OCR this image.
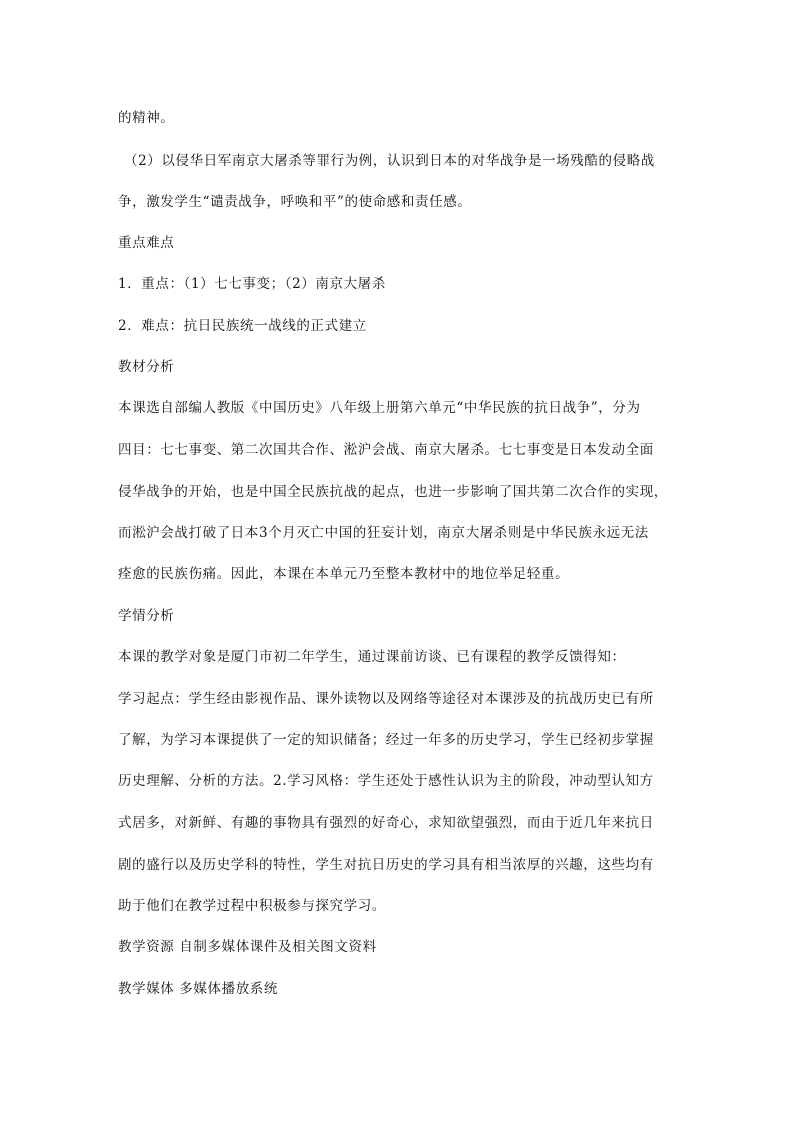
的精神。
（2）以侵华日军南京大屠杀等罪行为例，认识到日本的对华战争是一场残酷的侵略战
争，激发学生“谴责战争，呼唤和平”的使命感和责任感。
重点难点
1．重点：（1）七七事变；（2）南京大屠杀
2．难点：抗日民族统一战线的正式建立
教材分析
本课选自部编人教版《中国历史》八年级上册第六单元“中华民族的抗日战争”，分为
四目：七七事变、第二次国共合作、淞沪会战、南京大屠杀。七七事变是日本发动全面
侵华战争的开始，也是中国全民族抗战的起点，也进一步影响了国共第二次合作的实现，
而淞沪会战打破了日本3个月灭亡中国的狂妄计划，南京大屠杀则是中华民族永远无法
痊愈的民族伤痛。因此，本课在本单元乃至整本教材中的地位举足轻重。
学情分析
本课的教学对象是厦门市初二年学生，通过课前访谈、已有课程的教学反馈得知：
学习起点：学生经由影视作品、课外读物以及网络等途径对本课涉及的抗战历史已有所
了解，为学习本课提供了一定的知识储备；经过一年多的历史学习，学生已经初步掌握
历史理解、分析的方法。2.学习风格：学生还处于感性认识为主的阶段，冲动型认知方
式居多，对新鲜、有趣的事物具有强烈的好奇心，求知欲望强烈，而由于近几年来抗日
剧的盛行以及历史学科的特性，学生对抗日历史的学习具有相当浓厚的兴趣，这些均有
助于他们在教学过程中积极参与探究学习。
教学资源 自制多媒体课件及相关图文资料
教学媒体 多媒体播放系统
